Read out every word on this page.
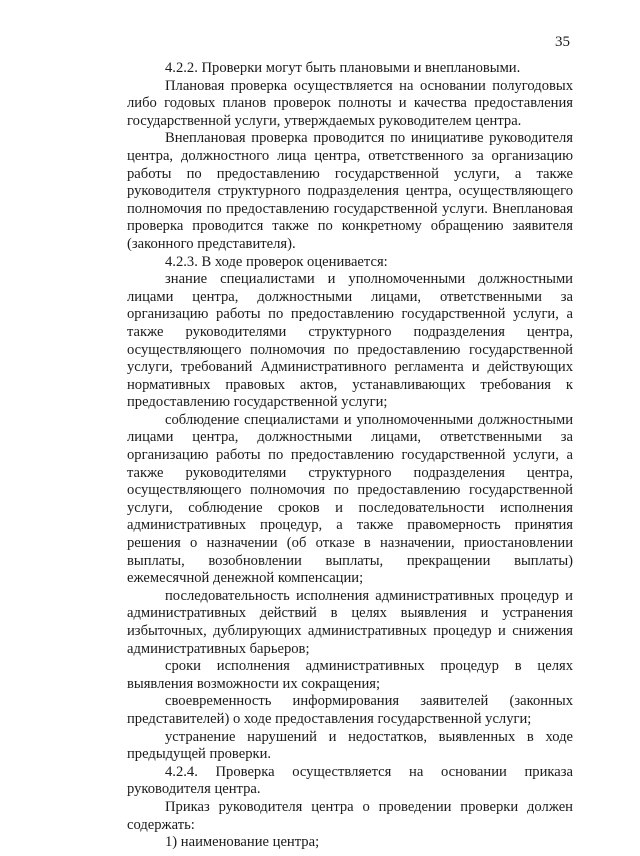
35

4.2.2. Проверки могут быть плановыми и внеплановыми.

Плановая проверка осуществляется на основании полугодовых либо годовых планов проверок полноты и качества предоставления государственной услуги, утверждаемых руководителем центра.

Внеплановая проверка проводится по инициативе руководителя центра, должностного лица центра, ответственного за организацию работы по предоставлению государственной услуги, а также руководителя структурного подразделения центра, осуществляющего полномочия по предоставлению государственной услуги. Внеплановая проверка проводится также по конкретному обращению заявителя (законного представителя).

4.2.3. В ходе проверок оценивается:

знание специалистами и уполномоченными должностными лицами центра, должностными лицами, ответственными за организацию работы по предоставлению государственной услуги, а также руководителями структурного подразделения центра, осуществляющего полномочия по предоставлению государственной услуги, требований Административного регламента и действующих нормативных правовых актов, устанавливающих требования к предоставлению государственной услуги;

соблюдение специалистами и уполномоченными должностными лицами центра, должностными лицами, ответственными за организацию работы по предоставлению государственной услуги, а также руководителями структурного подразделения центра, осуществляющего полномочия по предоставлению государственной услуги, соблюдение сроков и последовательности исполнения административных процедур, а также правомерность принятия решения о назначении (об отказе в назначении, приостановлении выплаты, возобновлении выплаты, прекращении выплаты) ежемесячной денежной компенсации;

последовательность исполнения административных процедур и административных действий в целях выявления и устранения избыточных, дублирующих административных процедур и снижения административных барьеров;

сроки исполнения административных процедур в целях выявления возможности их сокращения;

своевременность информирования заявителей (законных представителей) о ходе предоставления государственной услуги;

устранение нарушений и недостатков, выявленных в ходе предыдущей проверки.

4.2.4. Проверка осуществляется на основании приказа руководителя центра.

Приказ руководителя центра о проведении проверки должен содержать:

1) наименование центра;
